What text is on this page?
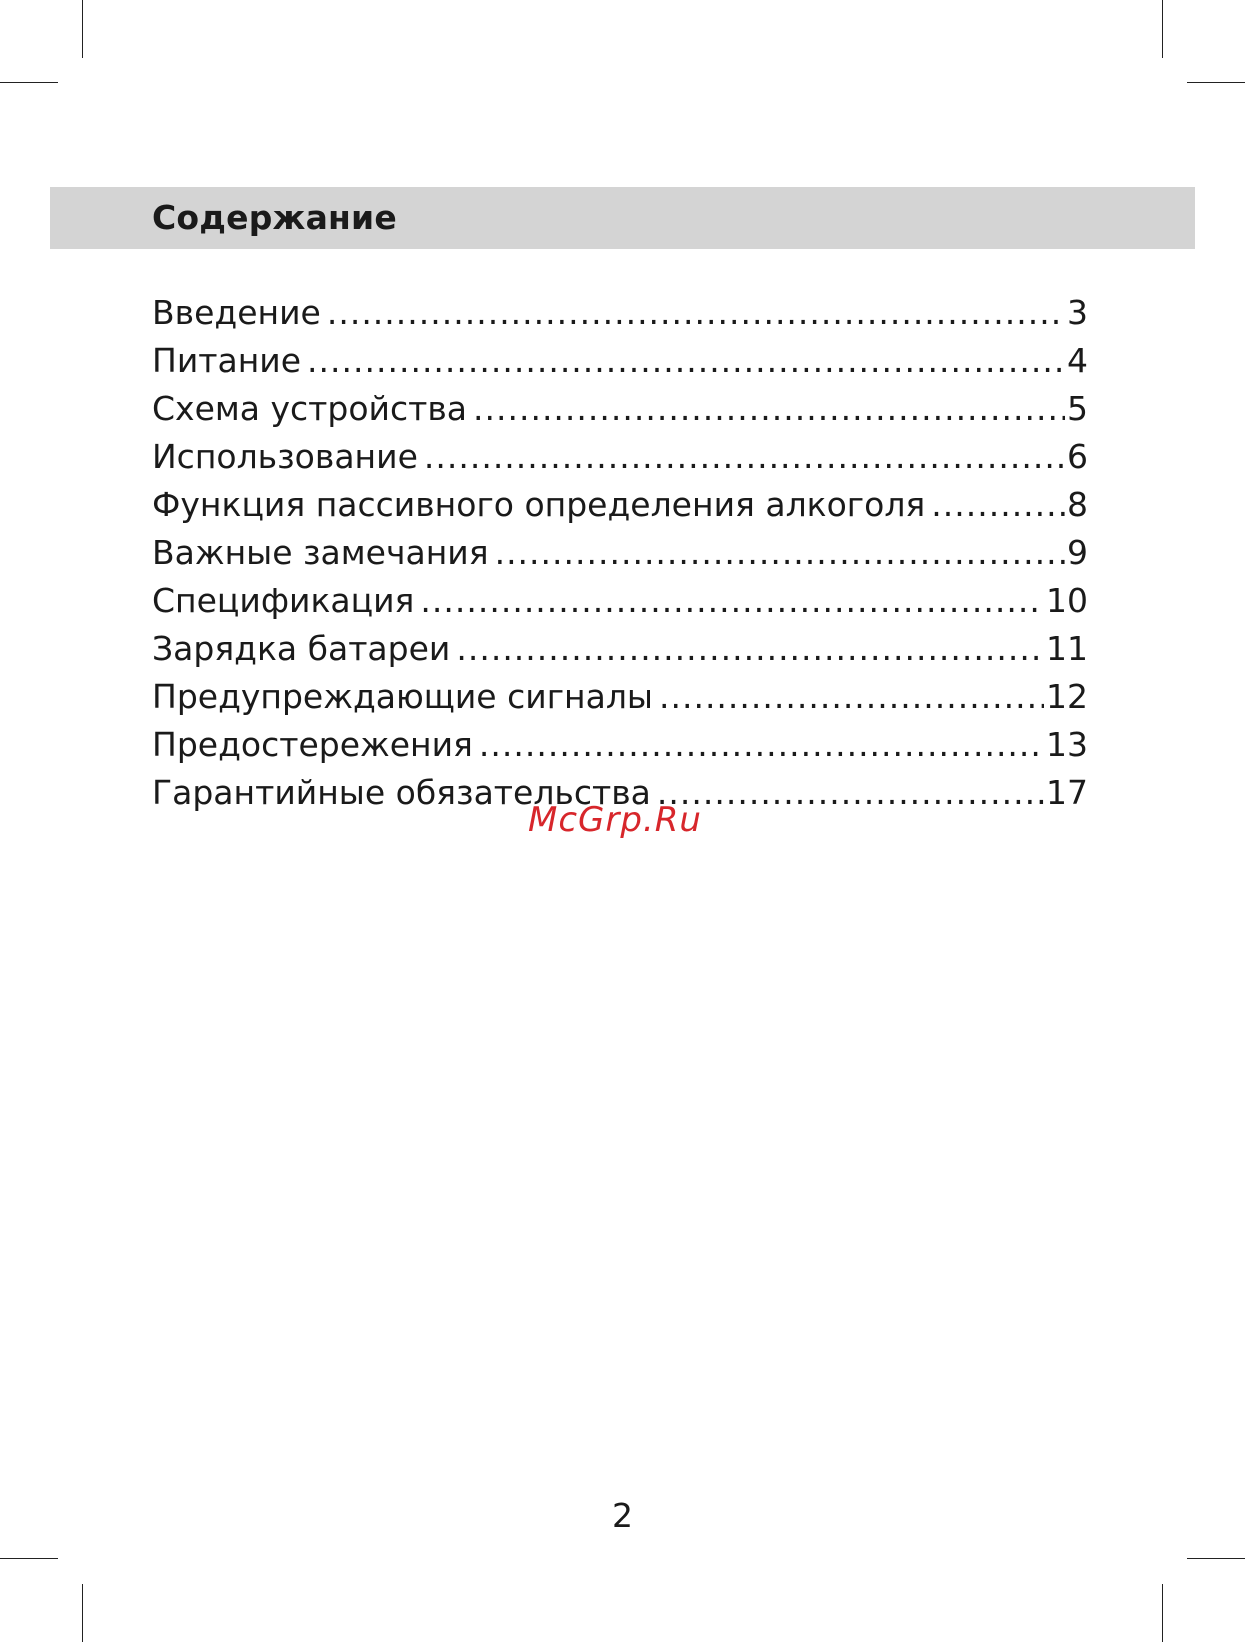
Содержание
Введение .....	3
Питание .....	4
Схема устройства .....	5
Использование .....	6
Функция пассивного определения алкоголя .....	8
Важные замечания .....	9
Спецификация .....	10
Зарядка батареи .....	11
Предупреждающие сигналы .....	12
Предостережения .....	13
Гарантийные обязательства .....	17
McGrp.Ru
2
